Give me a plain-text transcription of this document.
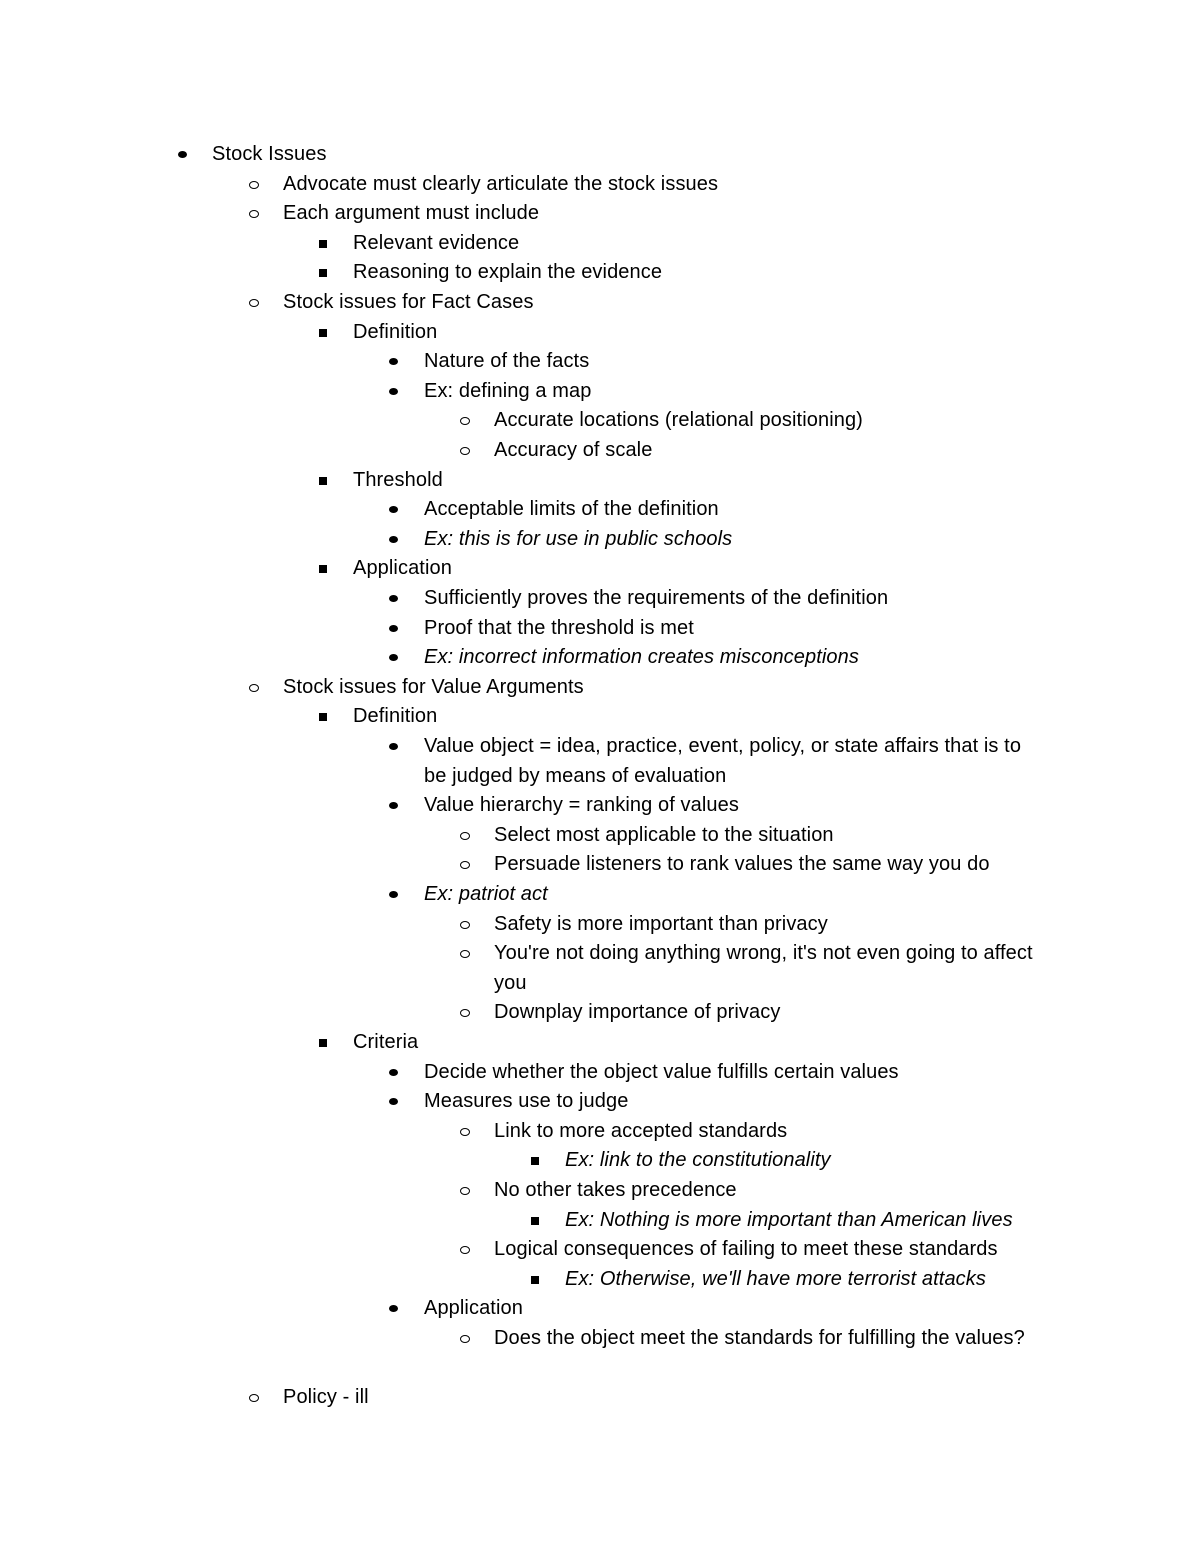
Stock Issues
Advocate must clearly articulate the stock issues
Each argument must include
Relevant evidence
Reasoning to explain the evidence
Stock issues for Fact Cases
Definition
Nature of the facts
Ex: defining a map
Accurate locations (relational positioning)
Accuracy of scale
Threshold
Acceptable limits of the definition
Ex: this is for use in public schools
Application
Sufficiently proves the requirements of the definition
Proof that the threshold is met
Ex: incorrect information creates misconceptions
Stock issues for Value Arguments
Definition
Value object = idea, practice, event, policy, or state affairs that is to be judged by means of evaluation
Value hierarchy = ranking of values
Select most applicable to the situation
Persuade listeners to rank values the same way you do
Ex: patriot act
Safety is more important than privacy
You're not doing anything wrong, it's not even going to affect you
Downplay importance of privacy
Criteria
Decide whether the object value fulfills certain values
Measures use to judge
Link to more accepted standards
Ex: link to the constitutionality
No other takes precedence
Ex: Nothing is more important than American lives
Logical consequences of failing to meet these standards
Ex: Otherwise, we'll have more terrorist attacks
Application
Does the object meet the standards for fulfilling the values?
Policy - ill
